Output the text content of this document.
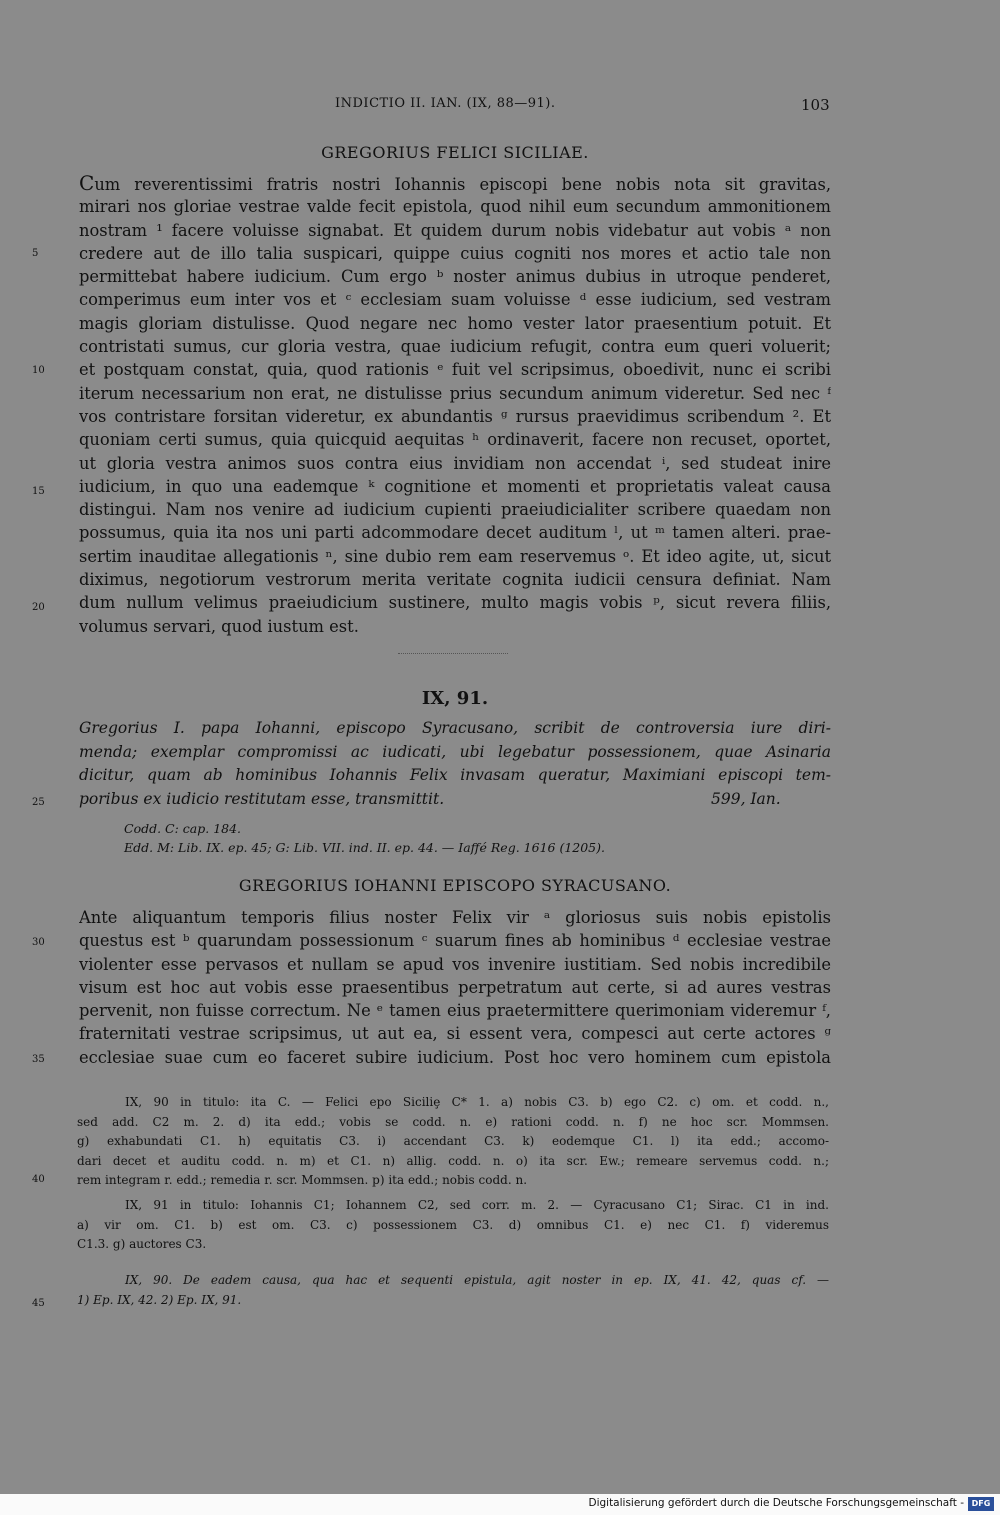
INDICTIO II. IAN. (IX, 88—91).	103
GREGORIUS FELICI SICILIAE.
Cum reverentissimi fratris nostri Iohannis episcopi bene nobis nota sit gravitas,
mirari nos gloriae vestrae valde fecit epistola, quod nihil eum secundum ammonitionem
nostram ¹ facere voluisse signabat. Et quidem durum nobis videbatur aut vobis ᵃ non
credere aut de illo talia suspicari, quippe cuius cogniti nos mores et actio tale non
permittebat habere iudicium. Cum ergo ᵇ noster animus dubius in utroque penderet,
comperimus eum inter vos et ᶜ ecclesiam suam voluisse ᵈ esse iudicium, sed vestram
magis gloriam distulisse. Quod negare nec homo vester lator praesentium potuit. Et
contristati sumus, cur gloria vestra, quae iudicium refugit, contra eum queri voluerit;
et postquam constat, quia, quod rationis ᵉ fuit vel scripsimus, oboedivit, nunc ei scribi
iterum necessarium non erat, ne distulisse prius secundum animum videretur. Sed nec ᶠ
vos contristare forsitan videretur, ex abundantis ᵍ rursus praevidimus scribendum ². Et
quoniam certi sumus, quia quicquid aequitas ʰ ordinaverit, facere non recuset, oportet,
ut gloria vestra animos suos contra eius invidiam non accendat ⁱ, sed studeat inire
iudicium, in quo una eademque ᵏ cognitione et momenti et proprietatis valeat causa
distingui. Nam nos venire ad iudicium cupienti praeiudicialiter scribere quaedam non
possumus, quia ita nos uni parti adcommodare decet auditum ˡ, ut ᵐ tamen alteri. prae-
sertim inauditae allegationis ⁿ, sine dubio rem eam reservemus ᵒ. Et ideo agite, ut, sicut
diximus, negotiorum vestrorum merita veritate cognita iudicii censura definiat. Nam
dum nullum velimus praeiudicium sustinere, multo magis vobis ᵖ, sicut revera filiis,
volumus servari, quod iustum est.
5
10
15
20
IX, 91.
Gregorius I. papa Iohanni, episcopo Syracusano, scribit de controversia iure diri-
menda; exemplar compromissi ac iudicati, ubi legebatur possessionem, quae Asinaria
dicitur, quam ab hominibus Iohannis Felix invasam queratur, Maximiani episcopi tem-
poribus ex iudicio restitutam esse, transmittit.	599, Ian.
25
Codd. C: cap. 184.
Edd. M: Lib. IX. ep. 45; G: Lib. VII. ind. II. ep. 44. — Iaffé Reg. 1616 (1205).
GREGORIUS IOHANNI EPISCOPO SYRACUSANO.
Ante aliquantum temporis filius noster Felix vir ᵃ gloriosus suis nobis epistolis
questus est ᵇ quarundam possessionum ᶜ suarum fines ab hominibus ᵈ ecclesiae vestrae
violenter esse pervasos et nullam se apud vos invenire iustitiam. Sed nobis incredibile
visum est hoc aut vobis esse praesentibus perpetratum aut certe, si ad aures vestras
pervenit, non fuisse correctum. Ne ᵉ tamen eius praetermittere querimoniam videremur ᶠ,
fraternitati vestrae scripsimus, ut aut ea, si essent vera, compesci aut certe actores ᵍ
ecclesiae suae cum eo faceret subire iudicium. Post hoc vero hominem cum epistola
30
35
IX, 90 in titulo: ita C. — Felici epo Siciliȩ C* 1. a) nobis C3. b) ego C2. c) om. et codd. n.,
sed add. C2 m. 2. d) ita edd.; vobis se codd. n. e) rationi codd. n. f) ne hoc scr. Mommsen.
g) exhabundati C1. h) equitatis C3. i) accendant C3. k) eodemque C1. l) ita edd.; accomo-
dari decet et auditu codd. n. m) et C1. n) allig. codd. n. o) ita scr. Ew.; remeare servemus codd. n.;
rem integram r. edd.; remedia r. scr. Mommsen. p) ita edd.; nobis codd. n.
IX, 91 in titulo: Iohannis C1; Iohannem C2, sed corr. m. 2. — Cyracusano C1; Sirac. C1 in ind.
a) vir om. C1. b) est om. C3. c) possessionem C3. d) omnibus C1. e) nec C1. f) videremus
C1.3. g) auctores C3.
IX, 90. De eadem causa, qua hac et sequenti epistula, agit noster in ep. IX, 41. 42, quas cf. —
1) Ep. IX, 42. 2) Ep. IX, 91.
40
45
Digitalisierung gefördert durch die Deutsche Forschungsgemeinschaft - DFG
